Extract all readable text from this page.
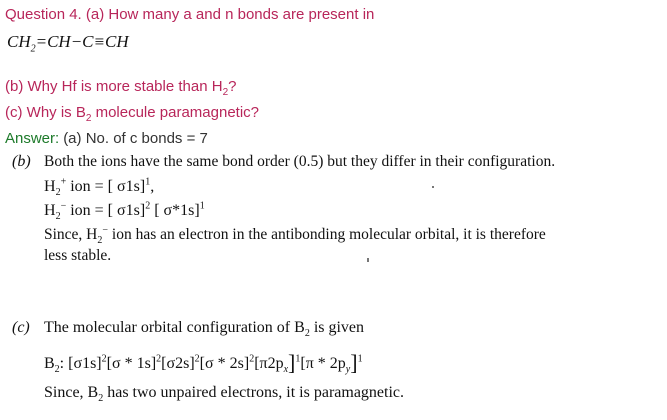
Question 4. (a) How many a and n bonds are present in
$CH_2=CH-C\equiv CH$
(b) Why Hf is more stable than $H_2$?
(c) Why is $B_2$ molecule paramagnetic?
Answer: (a) No. of c bonds = 7
(b) Both the ions have the same bond order (0.5) but they differ in their configuration.
$H_2^+$ ion = [ σ1s]$^1$,
$H_2^-$ ion = [ σ1s]$^2$ [ σ*1s]$^1$
Since, $H_2^-$ ion has an electron in the antibonding molecular orbital, it is therefore
less stable.
(c) The molecular orbital configuration of $B_2$ is given
$B_2$: $[\sigma 1s]^2[\sigma * 1s]^2[\sigma 2s]^2[\sigma * 2s]^2[\pi 2p_x]^1[\pi * 2p_y]^1$
Since, $B_2$ has two unpaired electrons, it is paramagnetic.
